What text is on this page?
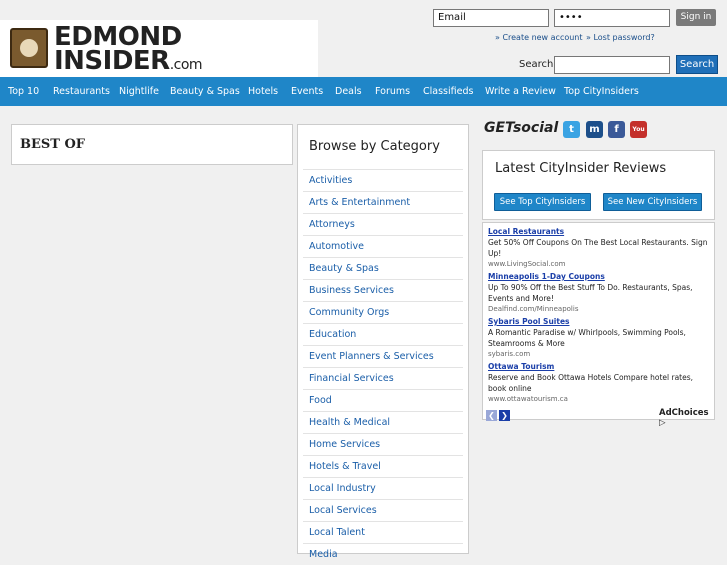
EDMOND
INSIDER.com
Email	••••	Sign in
» Create new account » Lost password?
Search	Search
Top 10 Restaurants Nightlife Beauty & Spas Hotels Events Deals Forums Classifieds Write a Review Top CityInsiders
BEST OF	Browse by Category
Activities
Arts & Entertainment
Attorneys
Automotive
Beauty & Spas
Business Services
Community Orgs
Education
Event Planners & Services
Financial Services
Food
Health & Medical
Home Services
Hotels & Travel
Local Industry
Local Services
Local Talent
Media
GETsocial	t	m	f	You
Latest CityInsider Reviews
See Top CityInsiders	See New CityInsiders
Local Restaurants
Get 50% Off Coupons On The Best Local Restaurants. Sign Up!
www.LivingSocial.com
Minneapolis 1-Day Coupons
Up To 90% Off the Best Stuff To Do. Restaurants, Spas, Events and More!
Dealfind.com/Minneapolis
Sybaris Pool Suites
A Romantic Paradise w/ Whirlpools, Swimming Pools, Steamrooms & More
sybaris.com
Ottawa Tourism
Reserve and Book Ottawa Hotels Compare hotel rates, book online
www.ottawatourism.ca
❮ ❯	AdChoices ▷
